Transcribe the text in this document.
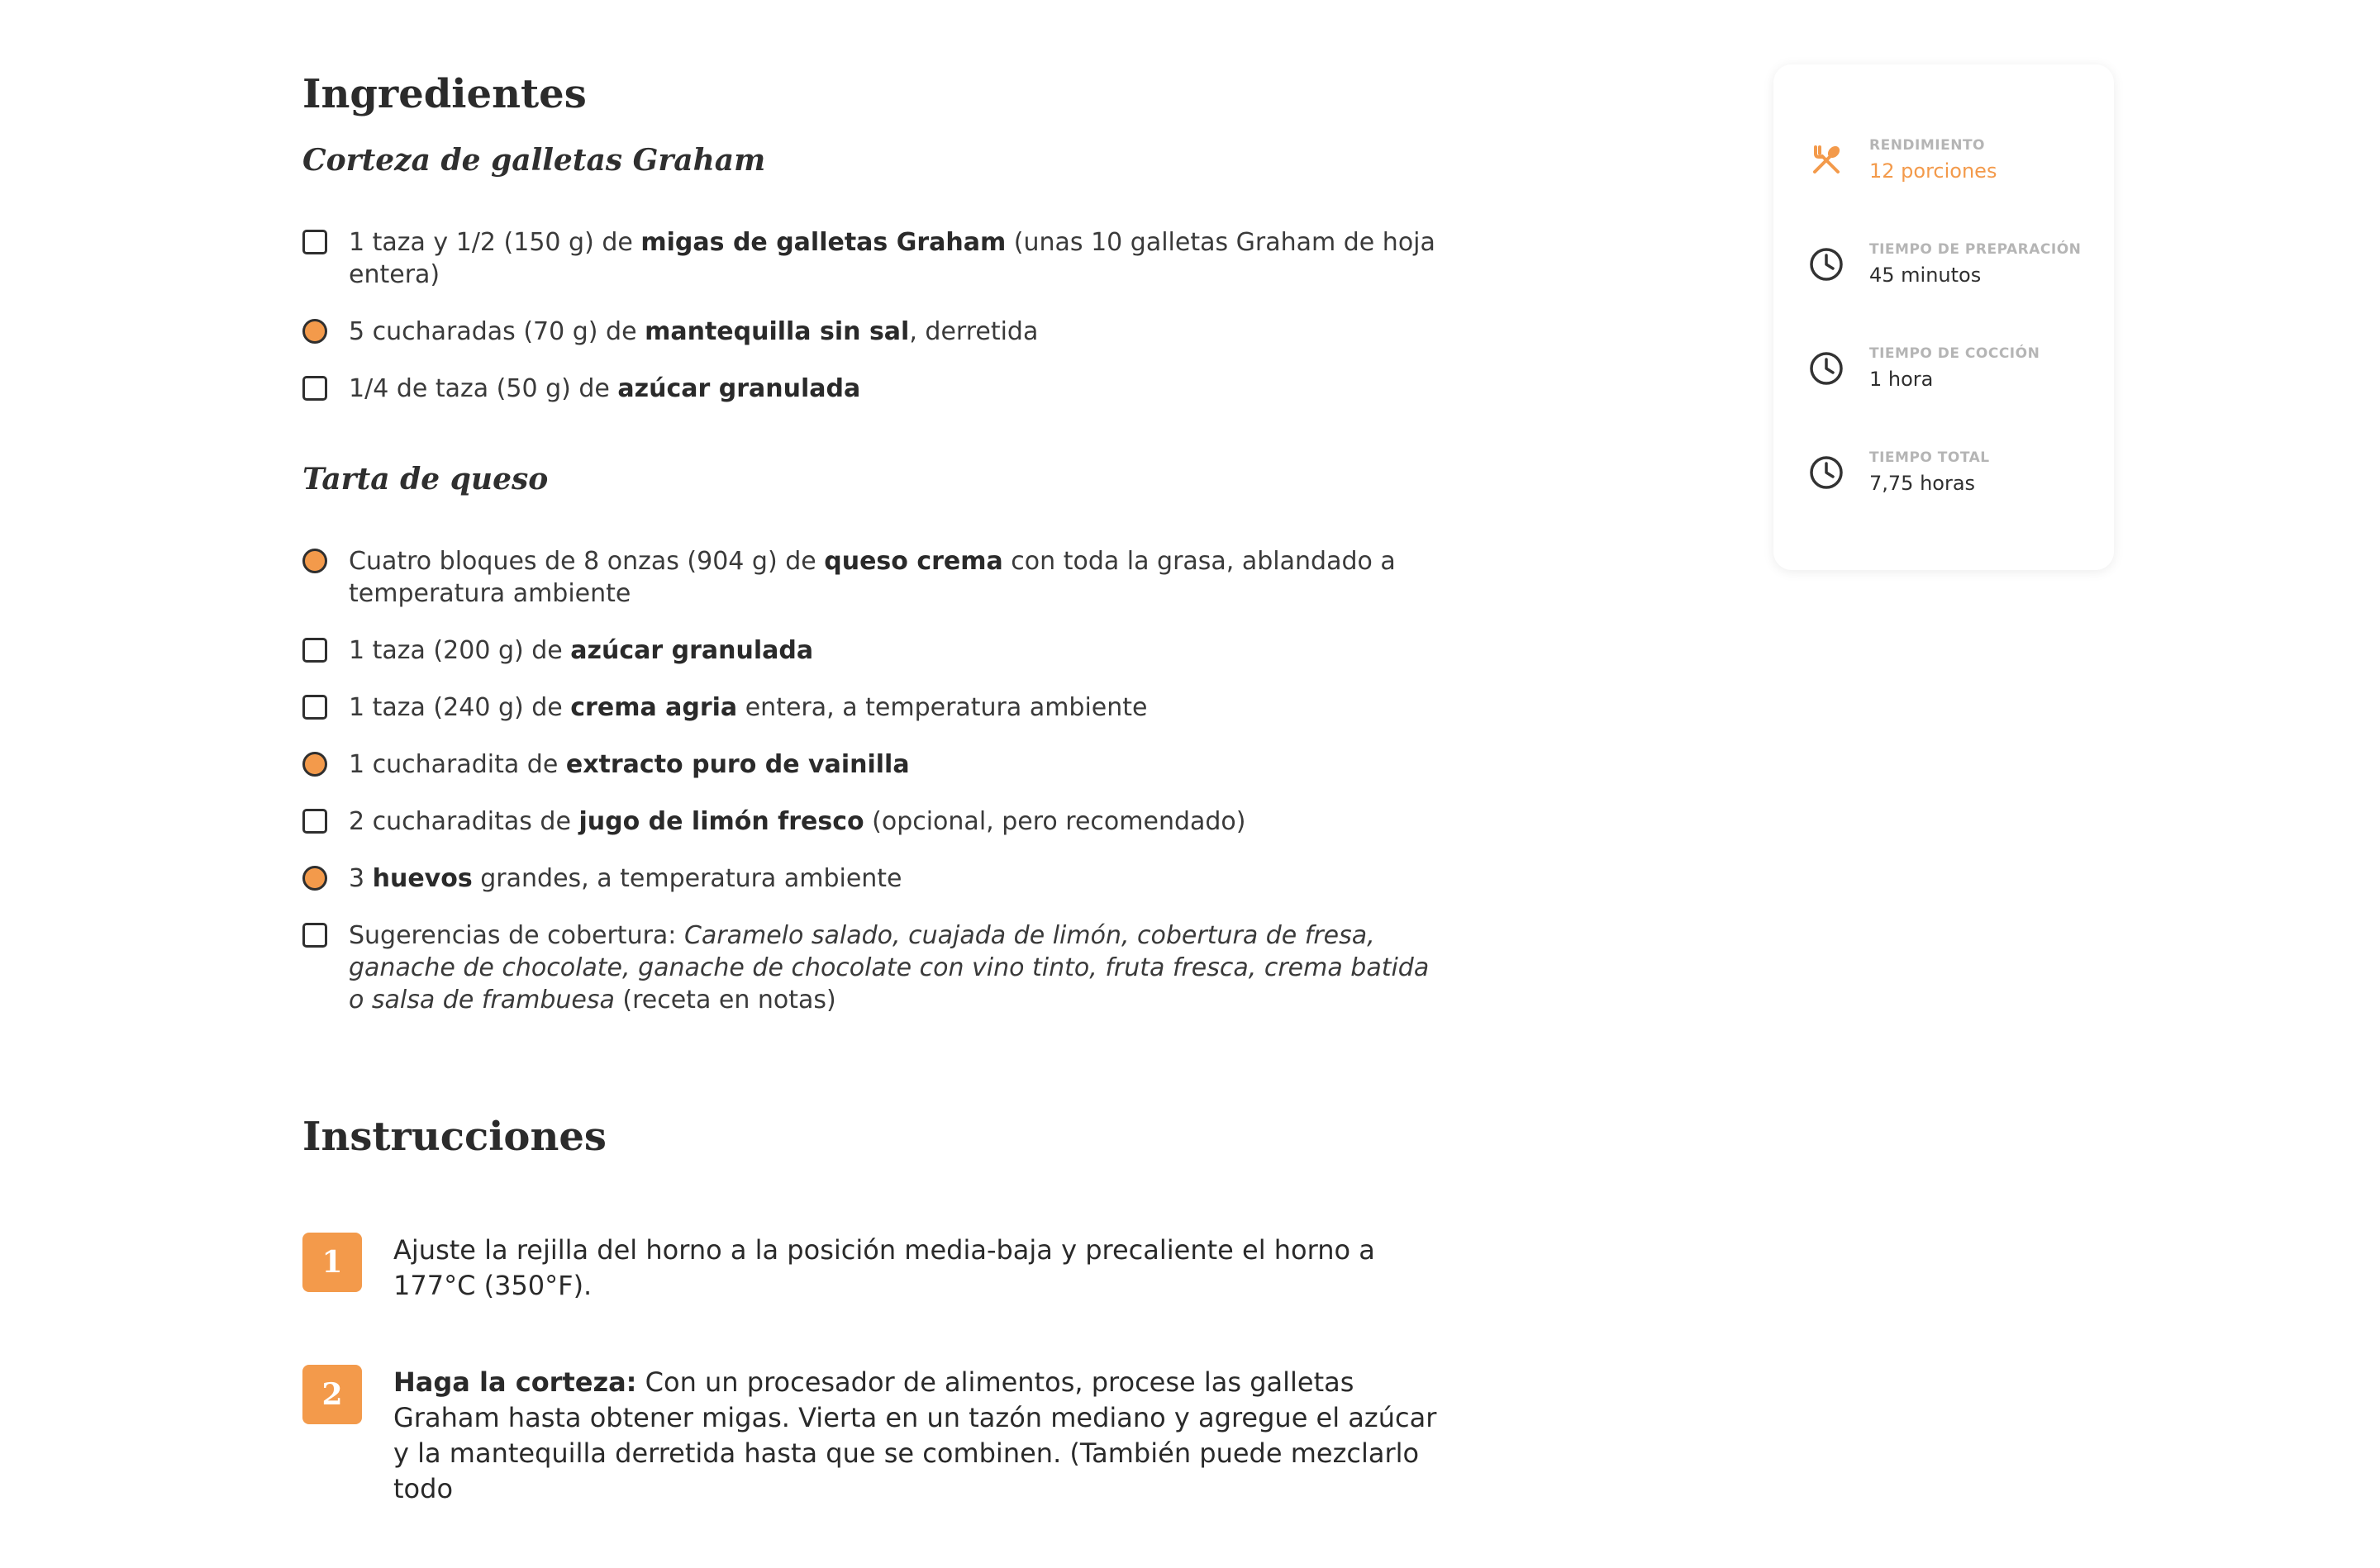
Ingredientes
Corteza de galletas Graham
1 taza y 1/2 (150 g) de migas de galletas Graham (unas 10 galletas Graham de hoja entera)
5 cucharadas (70 g) de mantequilla sin sal, derretida
1/4 de taza (50 g) de azúcar granulada
Tarta de queso
Cuatro bloques de 8 onzas (904 g) de queso crema con toda la grasa, ablandado a temperatura ambiente
1 taza (200 g) de azúcar granulada
1 taza (240 g) de crema agria entera, a temperatura ambiente
1 cucharadita de extracto puro de vainilla
2 cucharaditas de jugo de limón fresco (opcional, pero recomendado)
3 huevos grandes, a temperatura ambiente
Sugerencias de cobertura: Caramelo salado, cuajada de limón, cobertura de fresa, ganache de chocolate, ganache de chocolate con vino tinto, fruta fresca, crema batida o salsa de frambuesa (receta en notas)
Instrucciones
1	Ajuste la rejilla del horno a la posición media-baja y precaliente el horno a 177°C (350°F).
2	Haga la corteza: Con un procesador de alimentos, procese las galletas Graham hasta obtener migas. Vierta en un tazón mediano y agregue el azúcar y la mantequilla derretida hasta que se combinen. (También puede mezclarlo todo
RENDIMIENTO
12 porciones
TIEMPO DE PREPARACIÓN
45 minutos
TIEMPO DE COCCIÓN
1 hora
TIEMPO TOTAL
7,75 horas
